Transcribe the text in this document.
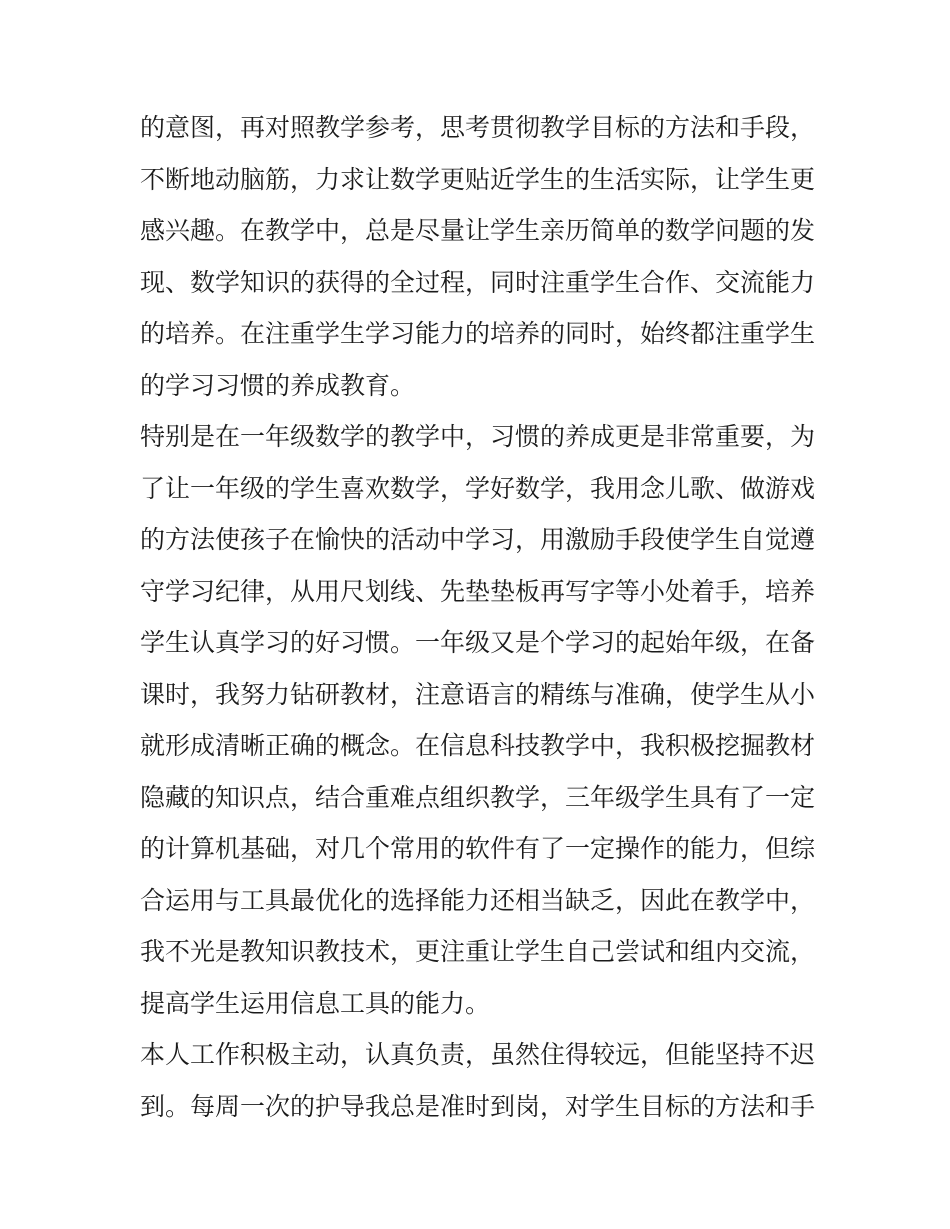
的意图，再对照教学参考，思考贯彻教学目标的方法和手段，
不断地动脑筋，力求让数学更贴近学生的生活实际，让学生更
感兴趣。在教学中，总是尽量让学生亲历简单的数学问题的发
现、数学知识的获得的全过程，同时注重学生合作、交流能力
的培养。在注重学生学习能力的培养的同时，始终都注重学生
的学习习惯的养成教育。
特别是在一年级数学的教学中，习惯的养成更是非常重要，为
了让一年级的学生喜欢数学，学好数学，我用念儿歌、做游戏
的方法使孩子在愉快的活动中学习，用激励手段使学生自觉遵
守学习纪律，从用尺划线、先垫垫板再写字等小处着手，培养
学生认真学习的好习惯。一年级又是个学习的起始年级，在备
课时，我努力钻研教材，注意语言的精练与准确，使学生从小
就形成清晰正确的概念。在信息科技教学中，我积极挖掘教材
隐藏的知识点，结合重难点组织教学，三年级学生具有了一定
的计算机基础，对几个常用的软件有了一定操作的能力，但综
合运用与工具最优化的选择能力还相当缺乏，因此在教学中，
我不光是教知识教技术，更注重让学生自己尝试和组内交流，
提高学生运用信息工具的能力。
本人工作积极主动，认真负责，虽然住得较远，但能坚持不迟
到。每周一次的护导我总是准时到岗，对学生目标的方法和手
